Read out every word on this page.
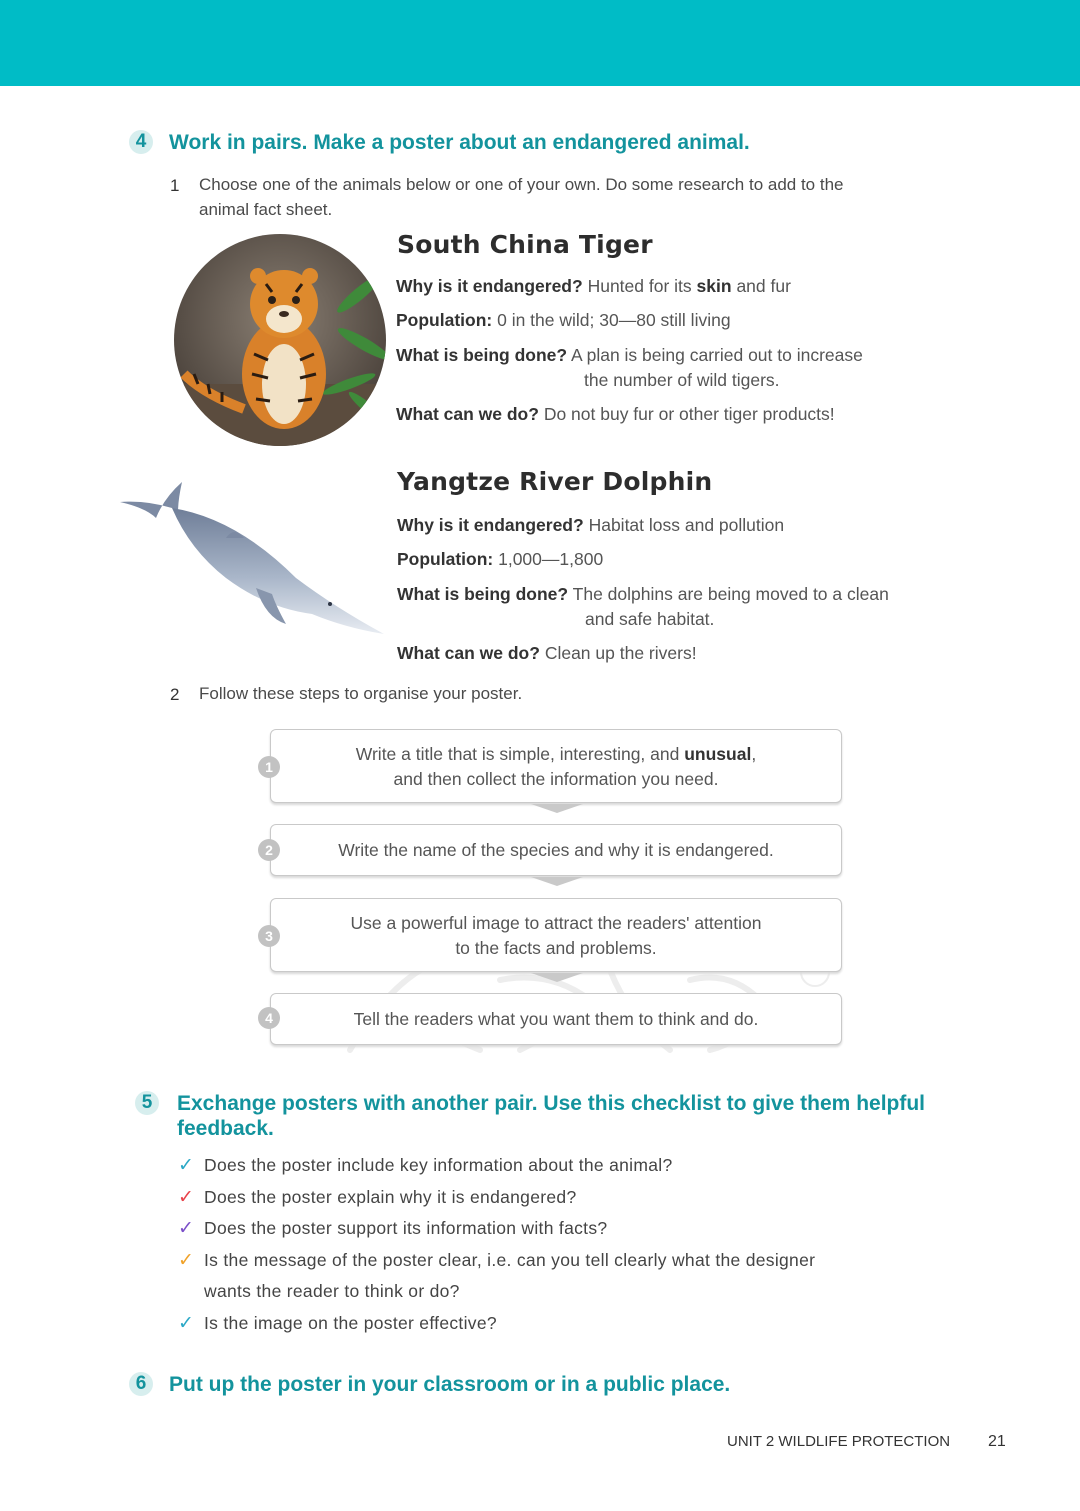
4	Work in pairs. Make a poster about an endangered animal.
1 Choose one of the animals below or one of your own. Do some research to add to the
animal fact sheet.
South China Tiger
Why is it endangered? Hunted for its skin and fur
Population: 0 in the wild; 30—80 still living
What is being done? A plan is being carried out to increase
the number of wild tigers.
What can we do? Do not buy fur or other tiger products!
Yangtze River Dolphin
Why is it endangered? Habitat loss and pollution
Population: 1,000—1,800
What is being done? The dolphins are being moved to a clean
and safe habitat.
What can we do? Clean up the rivers!
2 Follow these steps to organise your poster.
Write a title that is simple, interesting, and unusual,
and then collect the information you need.
1
Write the name of the species and why it is endangered.
2
Use a powerful image to attract the readers' attention
to the facts and problems.
3
Tell the readers what you want them to think and do.
4
5	Exchange posters with another pair. Use this checklist to give them helpful
feedback.
✓ Does the poster include key information about the animal?
✓ Does the poster explain why it is endangered?
✓ Does the poster support its information with facts?
✓ Is the message of the poster clear, i.e. can you tell clearly what the designer
wants the reader to think or do?
✓ Is the image on the poster effective?
6	Put up the poster in your classroom or in a public place.
UNIT 2 WILDLIFE PROTECTION 21
